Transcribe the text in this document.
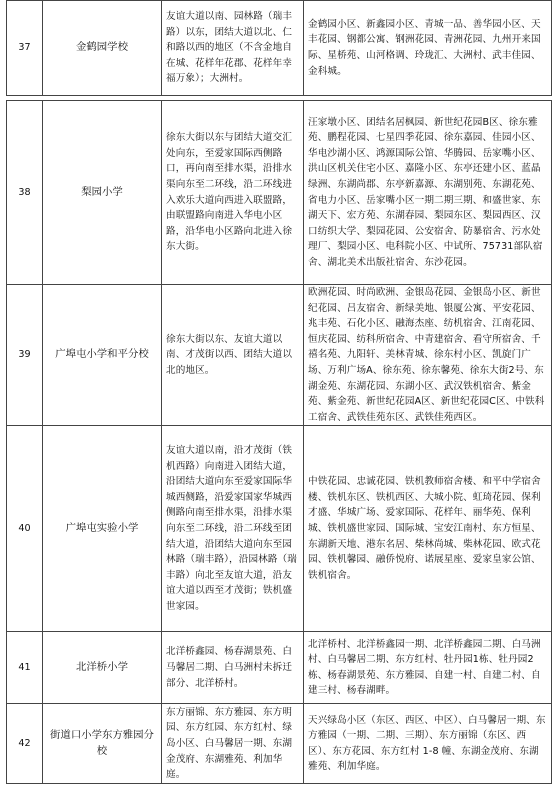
37	金鹤园学校	友谊大道以南、园林路（瑞丰路）以东，团结大道以北、仁和路以西的地区（不含金地自在城、花样年花郡、花样年幸福万象）；大洲村。	金鹤园小区、新鑫园小区、青城一品、善华园小区、天丰花园、钢都公寓、钢洲花园、青洲花园、九州开来国际、星桥苑、山河格调、玲珑汇、大洲村、武丰佳园、金科城。
38	梨园小学	徐东大街以东与团结大道交汇处向东，至爱家国际西侧路口，再向南至排水渠，沿排水渠向东至二环线，沿二环线进入欢乐大道向西进入联盟路，由联盟路向南进入华电小区路，沿华电小区路向北进入徐东大街。	汪家墩小区、团结名居枫园、新世纪花园B区、徐东雅苑、鹏程花园、七星四季花园、徐东嘉园、佳园小区、华电沙湖小区、鸿源国际公馆、华腾园、岳家嘴小区、洪山区机关住宅小区、嘉隆小区、东亭还建小区、蓝晶绿洲、东湖尚郡、东亭新嘉源、东湖别苑、东湖花苑、省电力小区、岳家嘴小区一期二期三期、和盛世家、东湖天下、宏方苑、东湖春园、梨园东区、梨园西区、汉口纺织大学、梨园花园、公安宿舍、防暴宿舍、污水处理厂、梨园小区、电科院小区、中试所、75731部队宿舍、湖北美术出版社宿舍、东沙花园。
39	广埠屯小学和平分校	徐东大街以东、友谊大道以南、才茂街以西、团结大道以北的地区。	欧洲花园、时尚欧洲、金银岛花园、金银岛小区、新世纪花园、吕友宿舍、新绿美地、银厦公寓、平安花园、兆丰苑、石化小区、融海杰座、纺机宿舍、江南花园、恒庆花园、纺科所宿舍、中青建宿舍、看守所宿舍、千禧名苑、九阳轩、美林青城、徐东村小区、凯旋门广场、万利广场A、徐东苑、徐东馨苑、徐东大街2号、东湖金苑、东湖花园、东湖小区、武汉铁机宿舍、紫金苑、紫金苑、新世纪花园A区、新世纪花园C区、中铁科工宿舍、武铁佳苑东区、武铁佳苑西区。
40	广埠屯实验小学	友谊大道以南，沿才茂街（铁机西路）向南进入团结大道，沿团结大道向东至爱家国际华城西侧路，沿爱家国家华城西侧路向南至排水渠，沿排水渠向东至二环线，沿二环线至团结大道，沿团结大道向东至园林路（瑞丰路），沿园林路（瑞丰路）向北至友谊大道，沿友谊大道以西至才茂街；铁机盛世家园。	中铁花园、忠诚花园、铁机教师宿舍楼、和平中学宿舍楼、铁机东区、铁机西区、大城小院、虹琦花园、保利才盛、华城广场、爱家国际、花样年、丽华苑、保利城、铁机盛世家园、国际城、宝安江南村、东方恒星、东湖新天地、港东名居、柴林尚城、柴林花园、欧式花园、铁机馨园、融侨悦府、诺展星座、爱家皇家公馆、铁机宿舍。
41	北洋桥小学	北洋桥鑫园、杨春湖景苑、白马馨居二期、白马洲村未拆迁部分、北洋桥村。	北洋桥村、北洋桥鑫园一期、北洋桥鑫园二期、白马洲村、白马馨居二期、东方红村、牡丹园1栋、牡丹园2栋、杨春湖景苑、东方雅园、自建一村、自建二村、自建三村、杨春湖畔。
42	街道口小学东方雅园分校	东方丽锦、东方雅园、东方明园、东方红园、东方红村、绿岛小区、白马馨居一期、东湖金茂府、东湖雅苑、利加华庭。	天兴绿岛小区（东区、西区、中区）、白马馨居一期、东方雅园（一期、二期、三期）、东方丽锦（东区、西区）、东方花园、东方红村 1-8 幢、东湖金茂府、东湖雅苑、利加华庭。
